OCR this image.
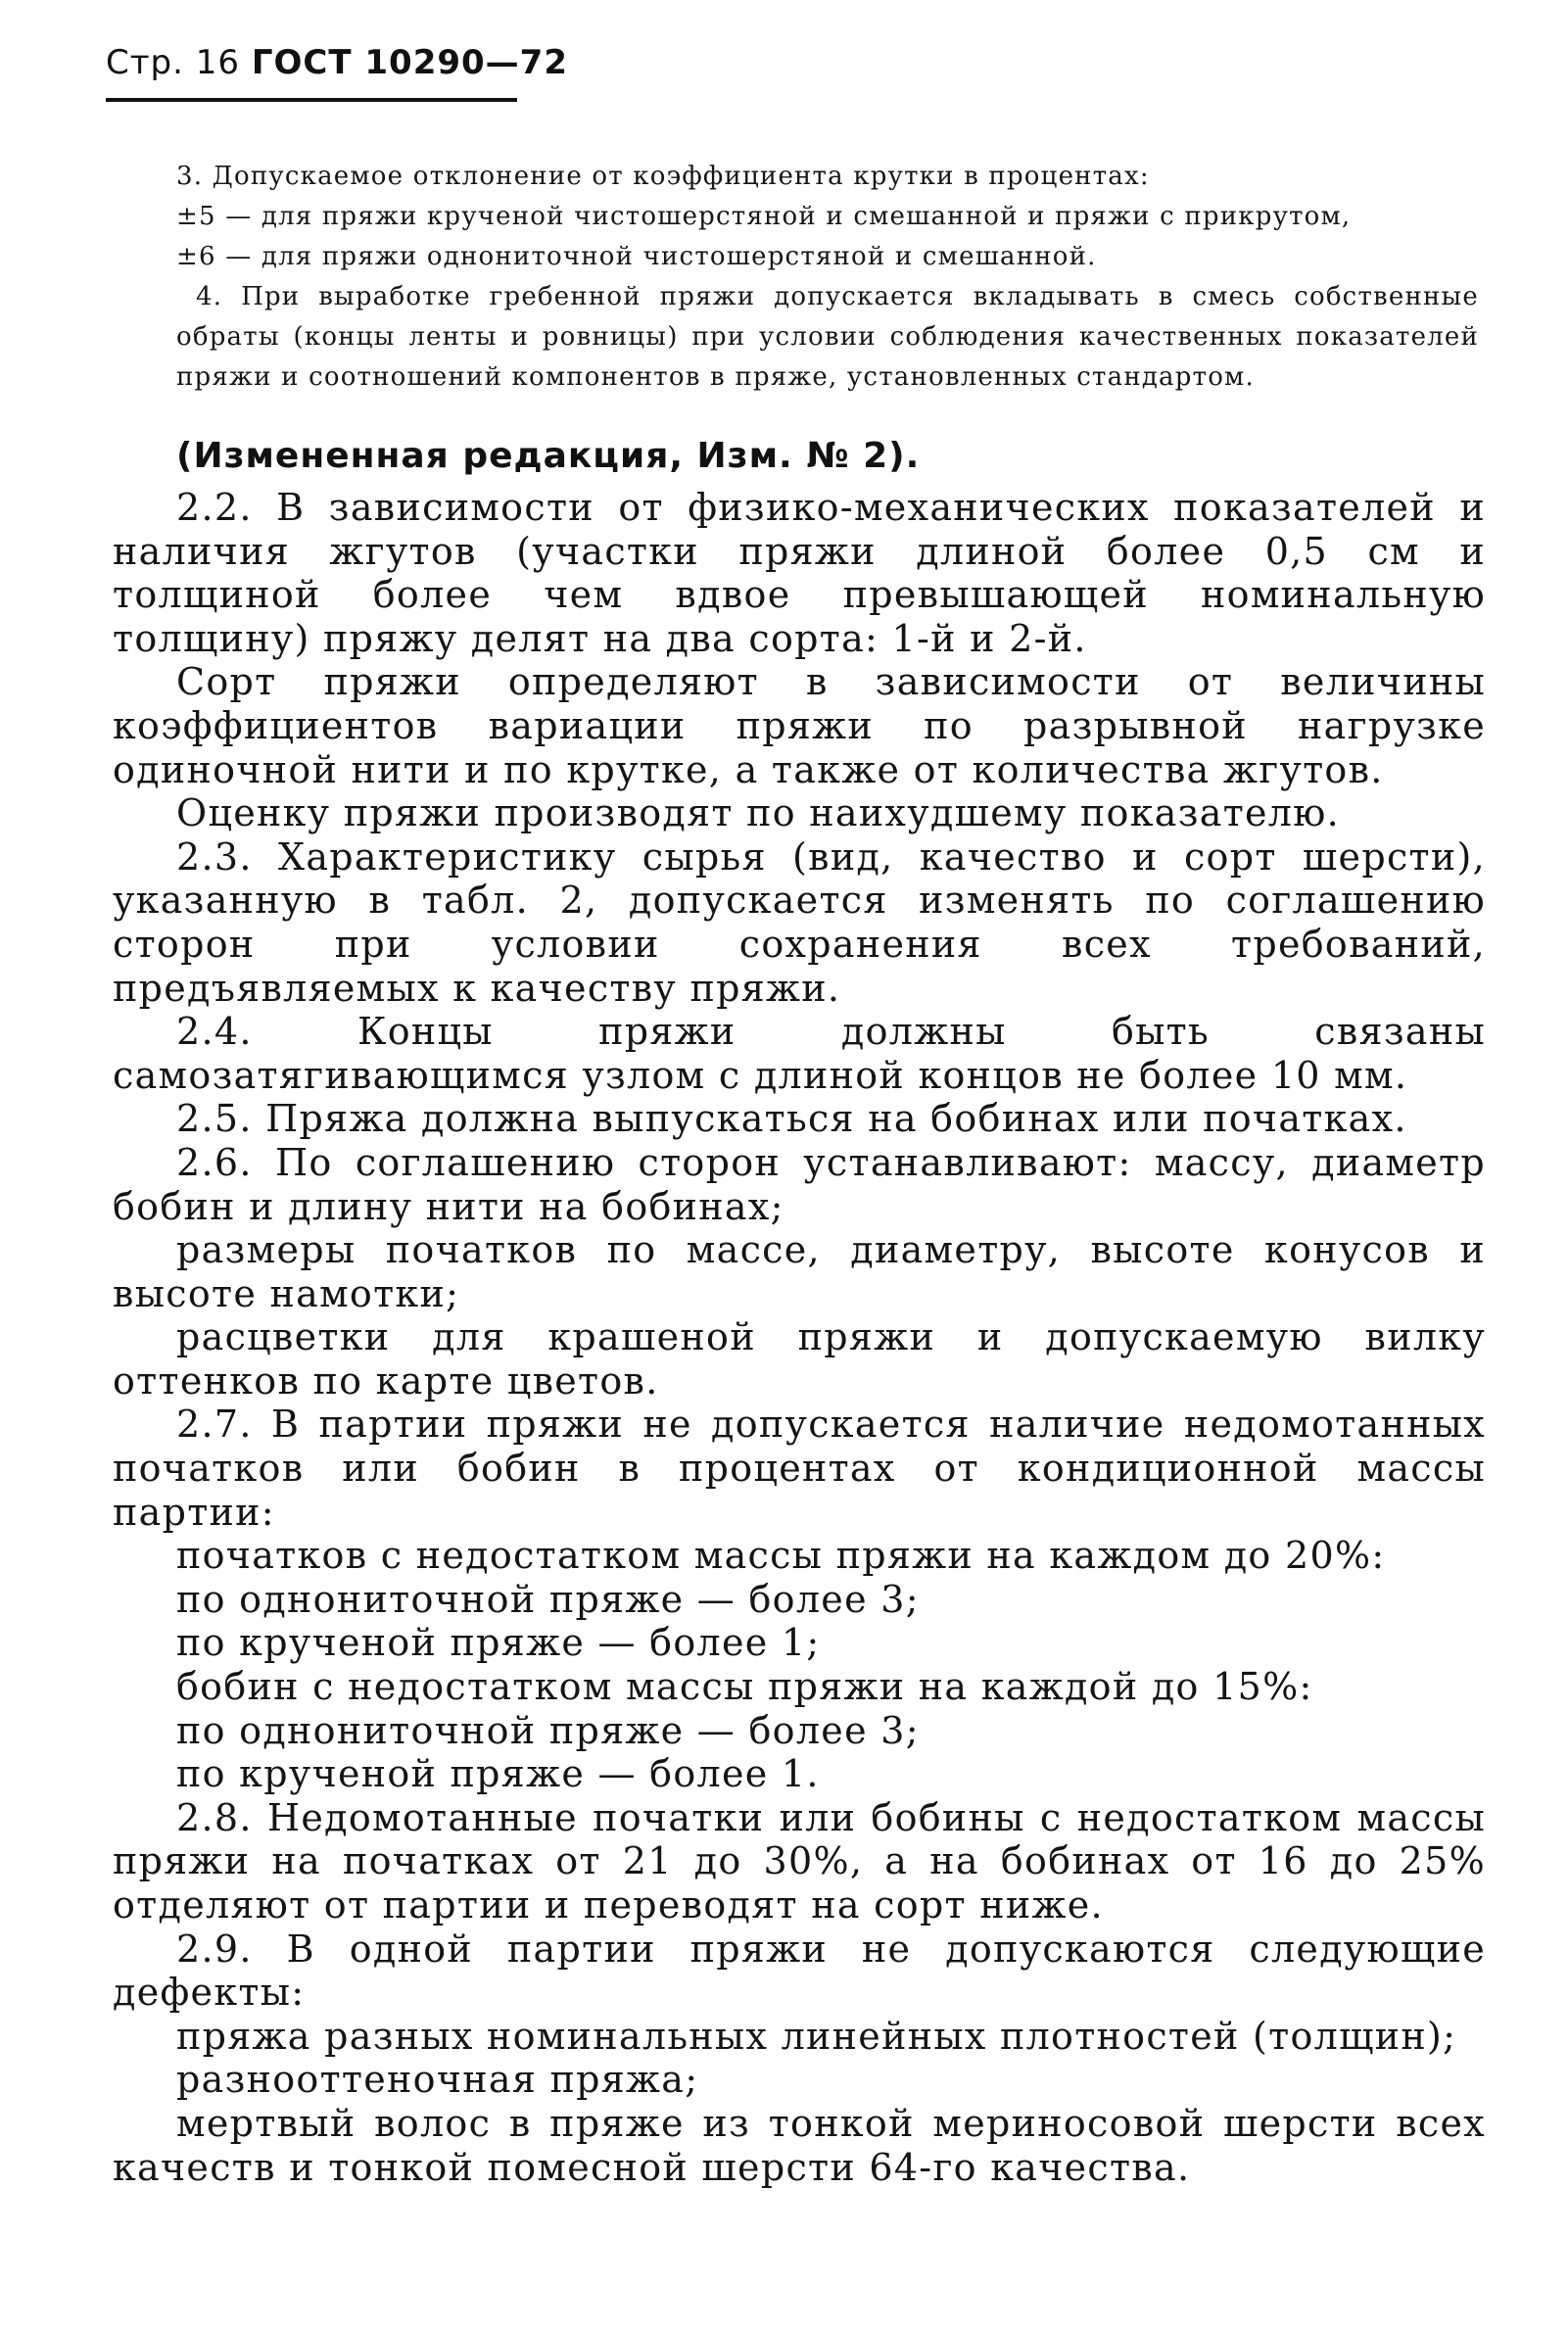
Стр. 16 ГОСТ 10290—72

3. Допускаемое отклонение от коэффициента крутки в процентах:

±5 — для пряжи крученой чистошерстяной и смешанной и пряжи с прикрутом,

±6 — для пряжи однониточной чистошерстяной и смешанной.

4. При выработке гребенной пряжи допускается вкладывать в смесь собственные обраты (концы ленты и ровницы) при условии соблюдения качественных показателей пряжи и соотношений компонентов в пряже, установленных стандартом.

(Измененная редакция, Изм. № 2).

2.2. В зависимости от физико-механических показателей и наличия жгутов (участки пряжи длиной более 0,5 см и толщиной более чем вдвое превышающей номинальную толщину) пряжу делят на два сорта: 1-й и 2-й.

Сорт пряжи определяют в зависимости от величины коэффициентов вариации пряжи по разрывной нагрузке одиночной нити и по крутке, а также от количества жгутов.

Оценку пряжи производят по наихудшему показателю.

2.3. Характеристику сырья (вид, качество и сорт шерсти), указанную в табл. 2, допускается изменять по соглашению сторон при условии сохранения всех требований, предъявляемых к качеству пряжи.

2.4. Концы пряжи должны быть связаны самозатягивающимся узлом с длиной концов не более 10 мм.

2.5. Пряжа должна выпускаться на бобинах или початках.

2.6. По соглашению сторон устанавливают: массу, диаметр бобин и длину нити на бобинах;

размеры початков по массе, диаметру, высоте конусов и высоте намотки;

расцветки для крашеной пряжи и допускаемую вилку оттенков по карте цветов.

2.7. В партии пряжи не допускается наличие недомотанных початков или бобин в процентах от кондиционной массы партии:

початков с недостатком массы пряжи на каждом до 20%:

по однониточной пряже — более 3;

по крученой пряже — более 1;

бобин с недостатком массы пряжи на каждой до 15%:

по однониточной пряже — более 3;

по крученой пряже — более 1.

2.8. Недомотанные початки или бобины с недостатком массы пряжи на початках от 21 до 30%, а на бобинах от 16 до 25% отделяют от партии и переводят на сорт ниже.

2.9. В одной партии пряжи не допускаются следующие дефекты:

пряжа разных номинальных линейных плотностей (толщин);

разнооттеночная пряжа;

мертвый волос в пряже из тонкой мериносовой шерсти всех качеств и тонкой помесной шерсти 64-го качества.
